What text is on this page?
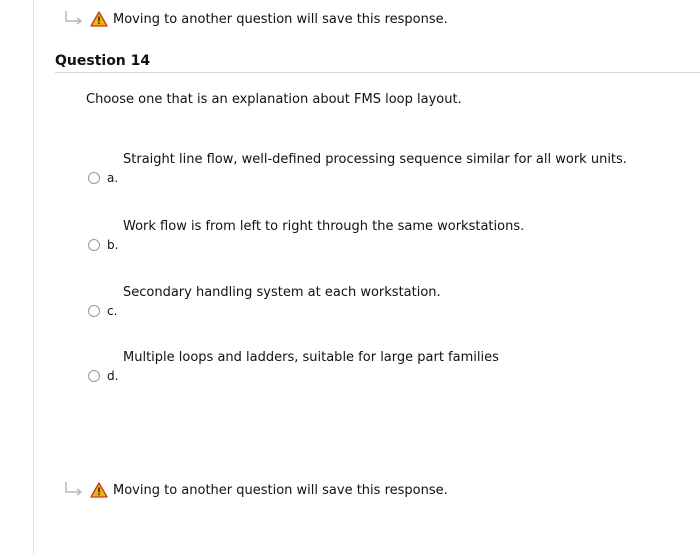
Moving to another question will save this response.
Question 14
Choose one that is an explanation about FMS loop layout.
Straight line flow, well-defined processing sequence similar for all work units.
a.
Work flow is from left to right through the same workstations.
b.
Secondary handling system at each workstation.
c.
Multiple loops and ladders, suitable for large part families
d.
Moving to another question will save this response.
